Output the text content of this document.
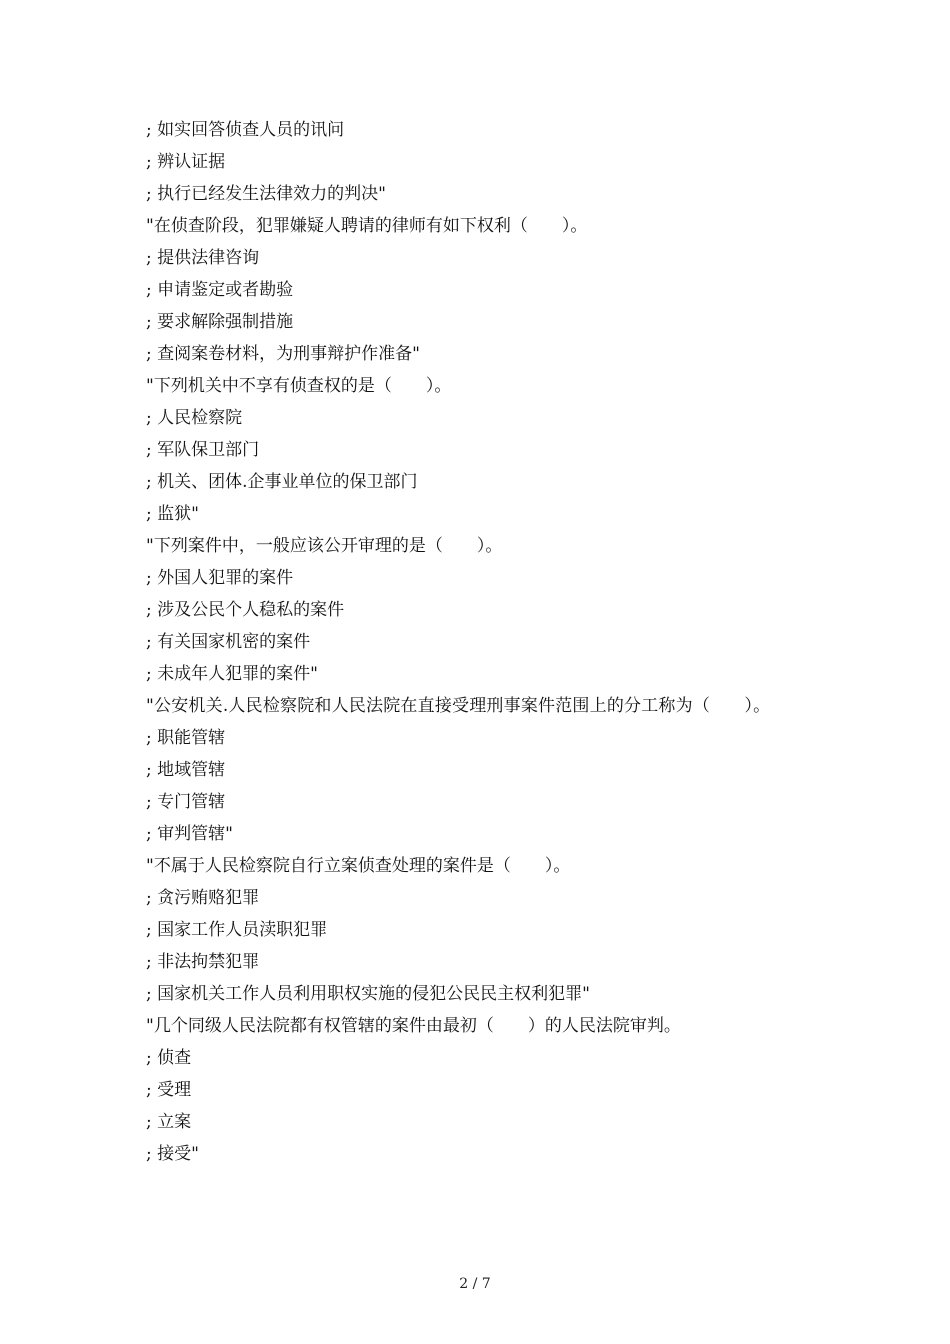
; 如实回答侦查人员的讯问
; 辨认证据
; 执行已经发生法律效力的判决"
"在侦查阶段，犯罪嫌疑人聘请的律师有如下权利（　　）。
; 提供法律咨询
; 申请鉴定或者勘验
; 要求解除强制措施
; 查阅案卷材料，为刑事辩护作准备"
"下列机关中不享有侦查权的是（　　）。
; 人民检察院
; 军队保卫部门
; 机关、团体.企事业单位的保卫部门
; 监狱"
"下列案件中，一般应该公开审理的是（　　）。
; 外国人犯罪的案件
; 涉及公民个人稳私的案件
; 有关国家机密的案件
; 未成年人犯罪的案件"
"公安机关.人民检察院和人民法院在直接受理刑事案件范围上的分工称为（　　）。
; 职能管辖
; 地域管辖
; 专门管辖
; 审判管辖"
"不属于人民检察院自行立案侦查处理的案件是（　　）。
; 贪污贿赂犯罪
; 国家工作人员渎职犯罪
; 非法拘禁犯罪
; 国家机关工作人员利用职权实施的侵犯公民民主权利犯罪"
"几个同级人民法院都有权管辖的案件由最初（　　）的人民法院审判。
; 侦查
; 受理
; 立案
; 接受"
2 / 7
